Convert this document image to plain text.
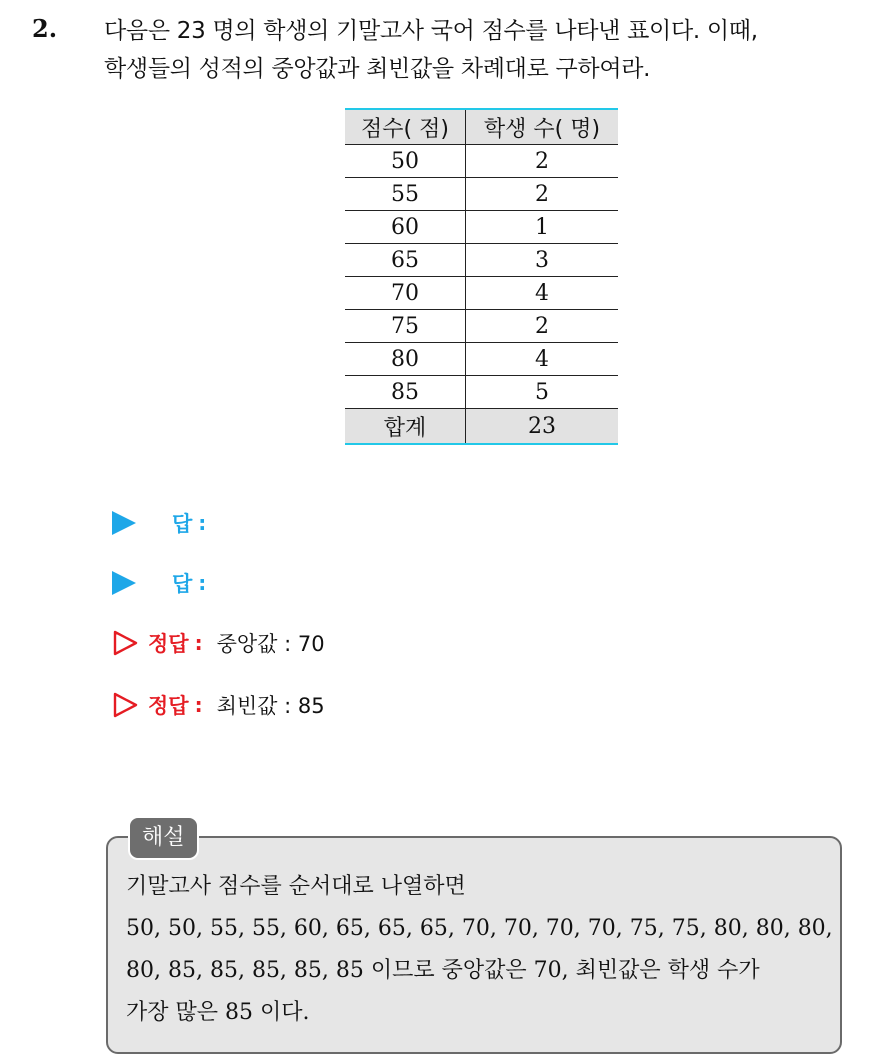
2. 다음은 23 명의 학생의 기말고사 국어 점수를 나타낸 표이다. 이때,
학생들의 성적의 중앙값과 최빈값을 차례대로 구하여라.
점수( 점)	학생 수( 명)
50	2
55	2
60	1
65	3
70	4
75	2
80	4
85	5
합계	23
답 :
답 :
정답 : 중앙값 : 70
정답 : 최빈값 : 85
해설
기말고사 점수를 순서대로 나열하면
50, 50, 55, 55, 60, 65, 65, 65, 70, 70, 70, 70, 75, 75, 80, 80, 80,
80, 85, 85, 85, 85, 85 이므로 중앙값은 70, 최빈값은 학생 수가
가장 많은 85 이다.
